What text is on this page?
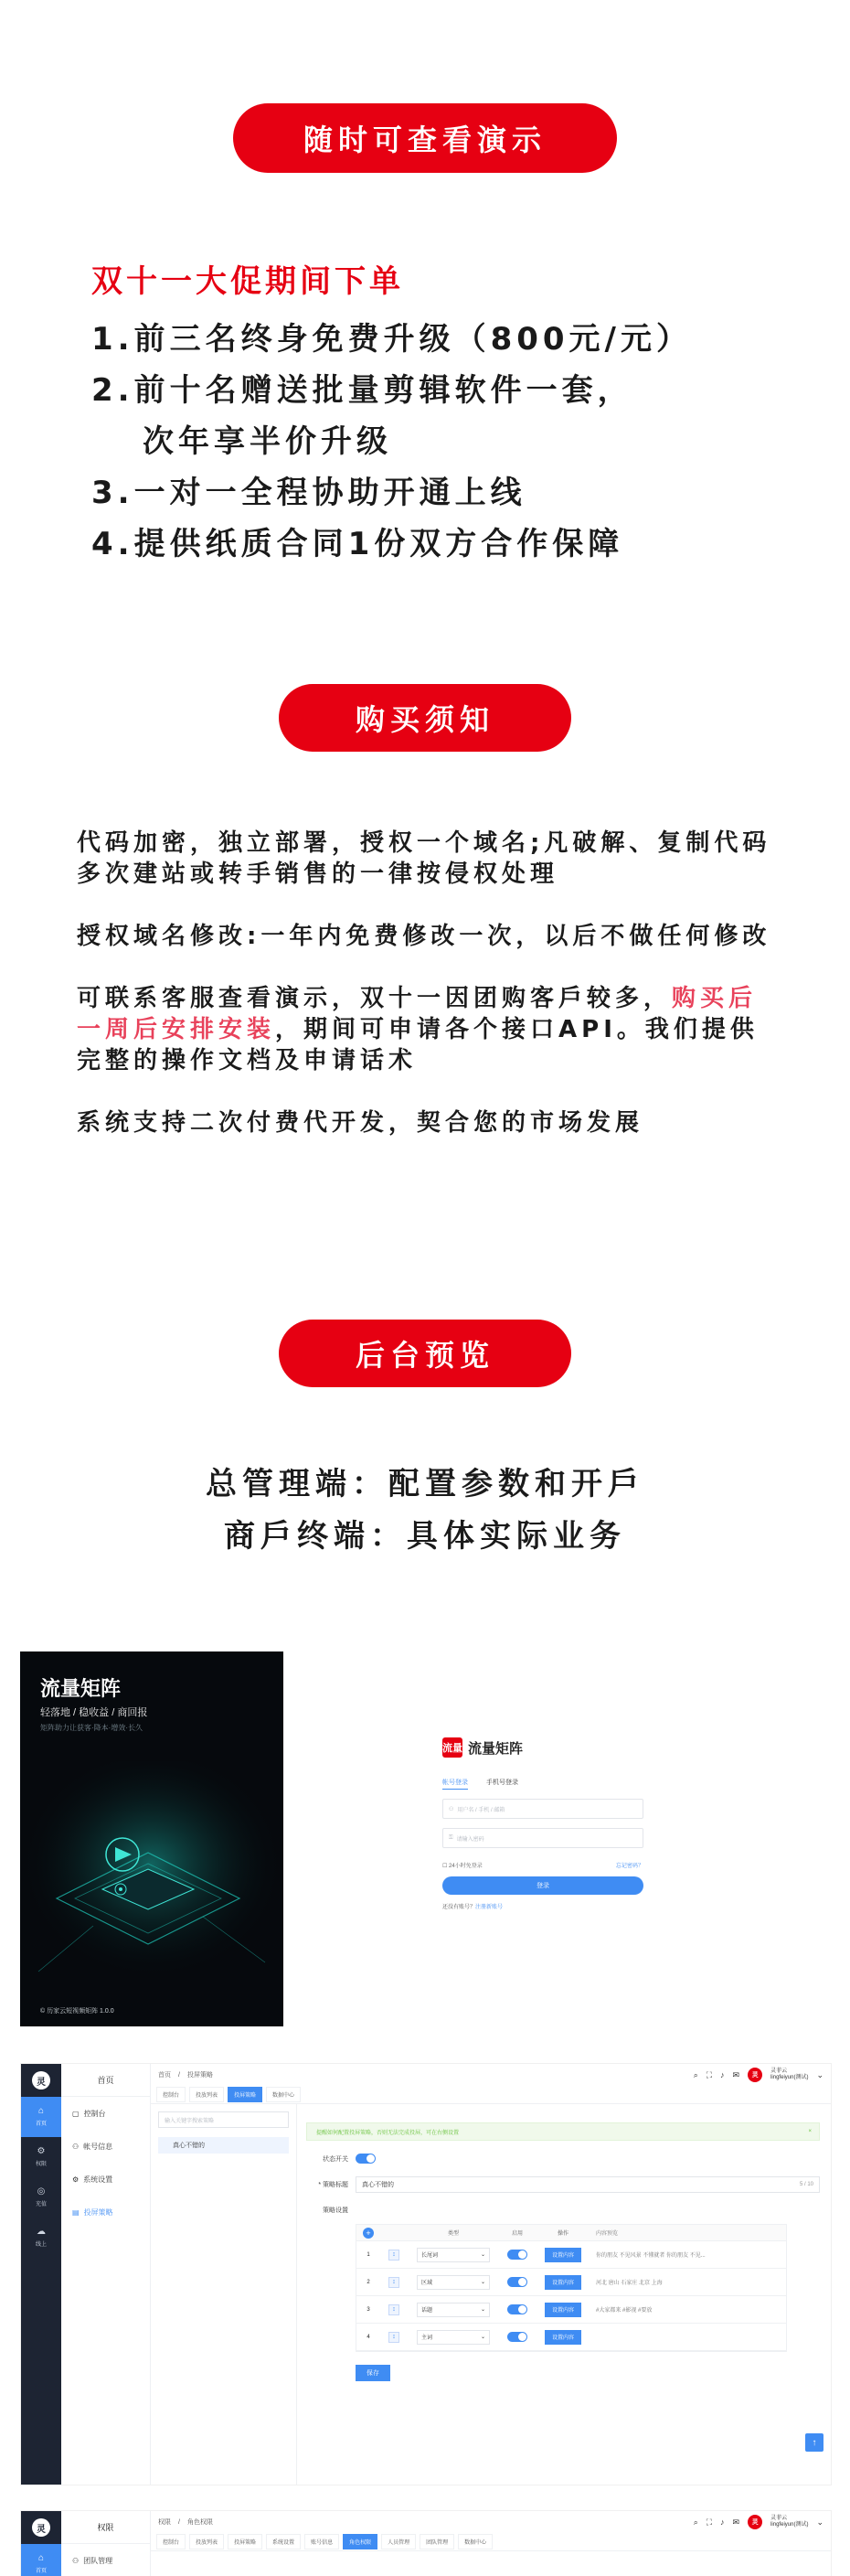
随时可查看演示
双十一大促期间下单
1.前三名终身免费升级（800元/元）
2.前十名赠送批量剪辑软件一套，
次年享半价升级
3.一对一全程协助开通上线
4.提供纸质合同1份双方合作保障
购买须知

代码加密，独立部署，授权一个域名;凡破解、复制代码多次建站或转手销售的一律按侵权处理

授权域名修改:一年内免费修改一次，以后不做任何修改

可联系客服查看演示，双十一因团购客戶较多，购买后一周后安排安装，期间可申请各个接口API。我们提供完整的操作文档及申请话术

系统支持二次付费代开发，契合您的市场发展

后台预览
总管理端：配置参数和开戶
商戶终端：具体实际业务
流量矩阵
轻落地 / 稳收益 / 商回报
矩阵助力让获客·降本·增效·长久
© 历家云短视频矩阵 1.0.0
流量 流量矩阵
帐号登录	手机号登录
⚇ 用户名 / 手机 / 邮箱
⚿ 请输入密码
☐ 24小时免登录	忘记密码？
登录
还没有账号？注册新账号
灵
⌂
首页
⚙
权限
◎
充值
☁
线上
首页
▢ 控制台
⚇ 帐号信息
⚙ 系统设置
▤ 投屏策略
首页 / 投屏策略	⌕ ⛶ ♪ ✉	灵
灵菲云
lingfeiyun(测试) ⌄
控制台	投放列表	投屏策略	数据中心
输入关键字搜索策略
真心不错的
提醒如何配置投屏策略，否则无法完成投屏，可在右侧设置	×
状态开关
* 策略标题	真心不错的	5 / 10
策略设置
+	类型	启用	操作	内容预览
1	↕	长尾词	⌄	设置内容	你的朋友 不见风景 不懂就者 你的朋友 不见...
2	↕	区域	⌄	设置内容	河北 唐山 石家庄 北京 上海
3	↕	话题	⌄	设置内容	#大家都来 #影视 #要放
4	↕	主词	⌄	设置内容
保存
↑
灵
⌂
首页
权限
⚇ 团队管理
权限 / 角色权限	⌕ ⛶ ♪ ✉	灵
灵菲云
lingfeiyun(测试) ⌄
控制台	投放列表	投屏策略	系统设置	账号信息	角色权限	人员管理	团队管理	数据中心
